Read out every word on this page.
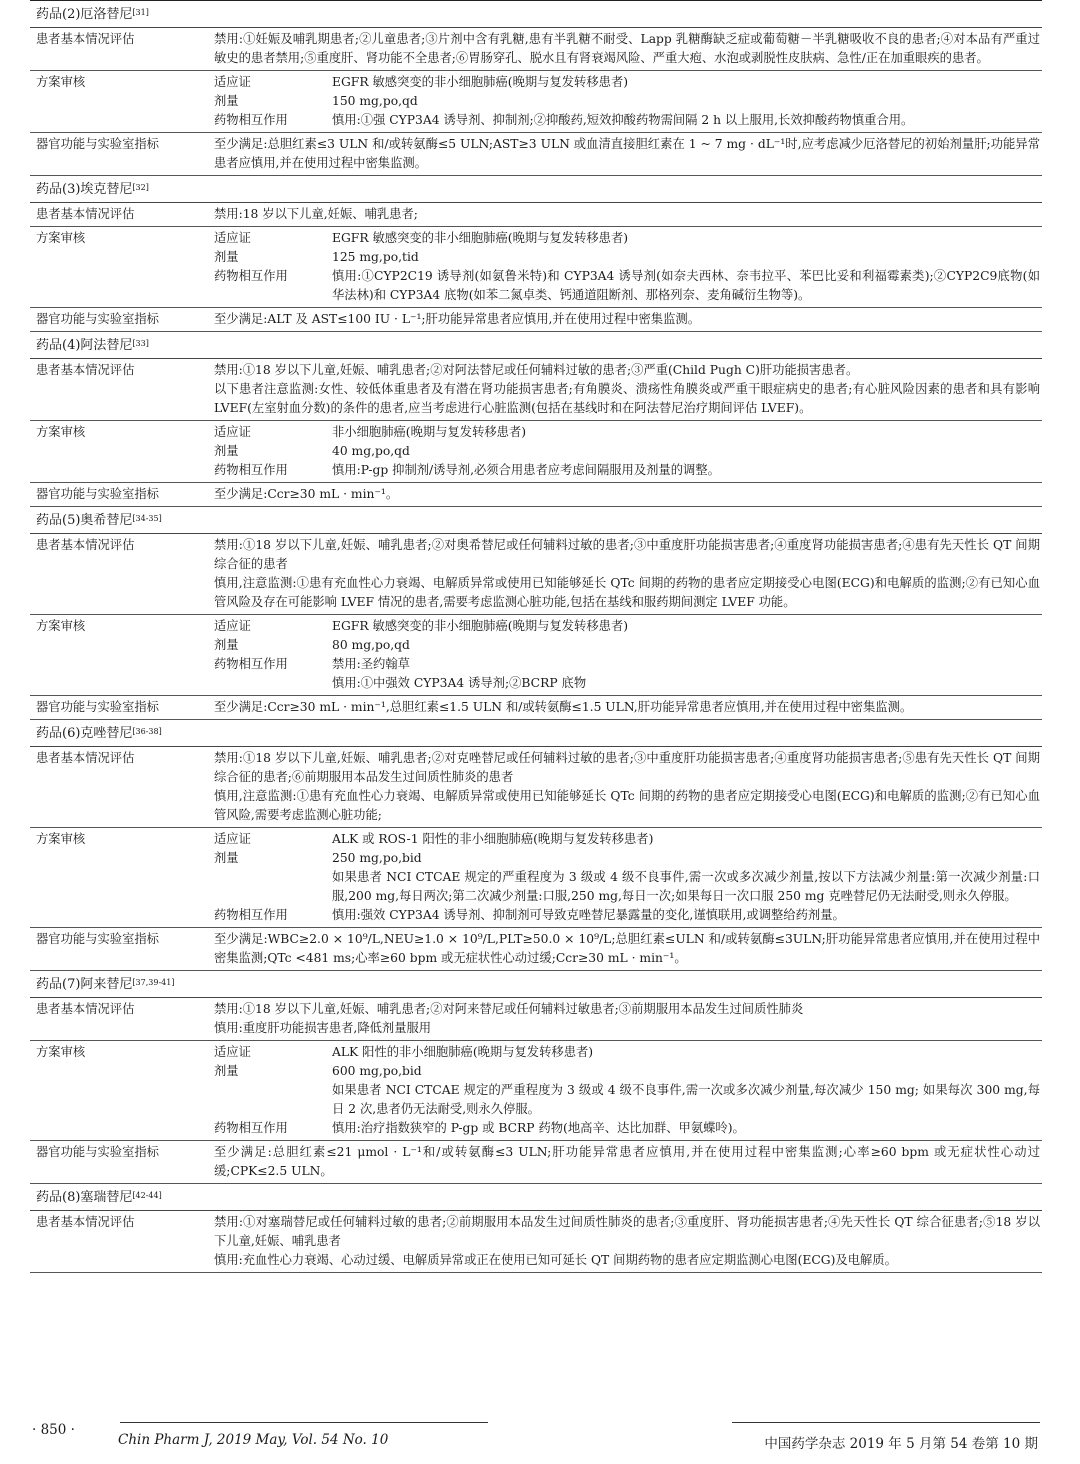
药品(2)厄洛替尼[31]
患者基本情况评估	禁用:①妊娠及哺乳期患者;②儿童患者;③片剂中含有乳糖,患有半乳糖不耐受、Lapp 乳糖酶缺乏症或葡萄糖－半乳糖吸收不良的患者;④对本品有严重过敏史的患者禁用;⑤重度肝、肾功能不全患者;⑥胃肠穿孔、脱水且有肾衰竭风险、严重大疱、水泡或剥脱性皮肤病、急性/正在加重眼疾的患者。

方案审核	适应证	EGFR 敏感突变的非小细胞肺癌(晚期与复发转移患者)

剂量	150 mg,po,qd

药物相互作用	慎用:①强 CYP3A4 诱导剂、抑制剂;②抑酸药,短效抑酸药物需间隔 2 h 以上服用,长效抑酸药物慎重合用。

器官功能与实验室指标	至少满足:总胆红素≤3 ULN 和/或转氨酶≤5 ULN;AST≥3 ULN 或血清直接胆红素在 1 ~ 7 mg · dL⁻¹时,应考虑减少厄洛替尼的初始剂量肝;功能异常患者应慎用,并在使用过程中密集监测。

药品(3)埃克替尼[32]
患者基本情况评估	禁用:18 岁以下儿童,妊娠、哺乳患者;

方案审核	适应证	EGFR 敏感突变的非小细胞肺癌(晚期与复发转移患者)

剂量	125 mg,po,tid

药物相互作用	慎用:①CYP2C19 诱导剂(如氨鲁米特)和 CYP3A4 诱导剂(如奈夫西林、奈韦拉平、苯巴比妥和利福霉素类);②CYP2C9底物(如华法林)和 CYP3A4 底物(如苯二氮卓类、钙通道阻断剂、那格列奈、麦角碱衍生物等)。

器官功能与实验室指标	至少满足:ALT 及 AST≤100 IU · L⁻¹;肝功能异常患者应慎用,并在使用过程中密集监测。

药品(4)阿法替尼[33]
患者基本情况评估	禁用:①18 岁以下儿童,妊娠、哺乳患者;②对阿法替尼或任何辅料过敏的患者;③严重(Child Pugh C)肝功能损害患者。

以下患者注意监测:女性、较低体重患者及有潜在肾功能损害患者;有角膜炎、溃疡性角膜炎或严重干眼症病史的患者;有心脏风险因素的患者和具有影响 LVEF(左室射血分数)的条件的患者,应当考虑进行心脏监测(包括在基线时和在阿法替尼治疗期间评估 LVEF)。

方案审核	适应证	非小细胞肺癌(晚期与复发转移患者)

剂量	40 mg,po,qd

药物相互作用	慎用:P-gp 抑制剂/诱导剂,必须合用患者应考虑间隔服用及剂量的调整。

器官功能与实验室指标	至少满足:Ccr≥30 mL · min⁻¹。

药品(5)奥希替尼[34-35]
患者基本情况评估	禁用:①18 岁以下儿童,妊娠、哺乳患者;②对奥希替尼或任何辅料过敏的患者;③中重度肝功能损害患者;④重度肾功能损害患者;④患有先天性长 QT 间期综合征的患者

慎用,注意监测:①患有充血性心力衰竭、电解质异常或使用已知能够延长 QTc 间期的药物的患者应定期接受心电图(ECG)和电解质的监测;②有已知心血管风险及存在可能影响 LVEF 情况的患者,需要考虑监测心脏功能,包括在基线和服药期间测定 LVEF 功能。

方案审核	适应证	EGFR 敏感突变的非小细胞肺癌(晚期与复发转移患者)

剂量	80 mg,po,qd

药物相互作用	禁用:圣约翰草

慎用:①中强效 CYP3A4 诱导剂;②BCRP 底物

器官功能与实验室指标	至少满足:Ccr≥30 mL · min⁻¹,总胆红素≤1.5 ULN 和/或转氨酶≤1.5 ULN,肝功能异常患者应慎用,并在使用过程中密集监测。

药品(6)克唑替尼[36-38]
患者基本情况评估	禁用:①18 岁以下儿童,妊娠、哺乳患者;②对克唑替尼或任何辅料过敏的患者;③中重度肝功能损害患者;④重度肾功能损害患者;⑤患有先天性长 QT 间期综合征的患者;⑥前期服用本品发生过间质性肺炎的患者

慎用,注意监测:①患有充血性心力衰竭、电解质异常或使用已知能够延长 QTc 间期的药物的患者应定期接受心电图(ECG)和电解质的监测;②有已知心血管风险,需要考虑监测心脏功能;

方案审核	适应证	ALK 或 ROS-1 阳性的非小细胞肺癌(晚期与复发转移患者)

剂量	250 mg,po,bid

如果患者 NCI CTCAE 规定的严重程度为 3 级或 4 级不良事件,需一次或多次减少剂量,按以下方法减少剂量:第一次减少剂量:口服,200 mg,每日两次;第二次减少剂量:口服,250 mg,每日一次;如果每日一次口服 250 mg 克唑替尼仍无法耐受,则永久停服。

药物相互作用	慎用:强效 CYP3A4 诱导剂、抑制剂可导致克唑替尼暴露量的变化,谨慎联用,或调整给药剂量。

器官功能与实验室指标	至少满足:WBC≥2.0 × 10⁹/L,NEU≥1.0 × 10⁹/L,PLT≥50.0 × 10⁹/L;总胆红素≤ULN 和/或转氨酶≤3ULN;肝功能异常患者应慎用,并在使用过程中密集监测;QTc <481 ms;心率≥60 bpm 或无症状性心动过缓;Ccr≥30 mL · min⁻¹。

药品(7)阿来替尼[37,39-41]
患者基本情况评估	禁用:①18 岁以下儿童,妊娠、哺乳患者;②对阿来替尼或任何辅料过敏患者;③前期服用本品发生过间质性肺炎

慎用:重度肝功能损害患者,降低剂量服用

方案审核	适应证	ALK 阳性的非小细胞肺癌(晚期与复发转移患者)

剂量	600 mg,po,bid

如果患者 NCI CTCAE 规定的严重程度为 3 级或 4 级不良事件,需一次或多次减少剂量,每次减少 150 mg; 如果每次 300 mg,每日 2 次,患者仍无法耐受,则永久停服。

药物相互作用	慎用:治疗指数狭窄的 P-gp 或 BCRP 药物(地高辛、达比加群、甲氨蝶呤)。

器官功能与实验室指标	至少满足:总胆红素≤21 μmol · L⁻¹和/或转氨酶≤3 ULN;肝功能异常患者应慎用,并在使用过程中密集监测;心率≥60 bpm 或无症状性心动过缓;CPK≤2.5 ULN。

药品(8)塞瑞替尼[42-44]
患者基本情况评估	禁用:①对塞瑞替尼或任何辅料过敏的患者;②前期服用本品发生过间质性肺炎的患者;③重度肝、肾功能损害患者;④先天性长 QT 综合征患者;⑤18 岁以下儿童,妊娠、哺乳患者

慎用:充血性心力衰竭、心动过缓、电解质异常或正在使用已知可延长 QT 间期药物的患者应定期监测心电图(ECG)及电解质。

· 850 ·
Chin Pharm J, 2019 May, Vol. 54 No. 10	中国药学杂志 2019 年 5 月第 54 卷第 10 期
